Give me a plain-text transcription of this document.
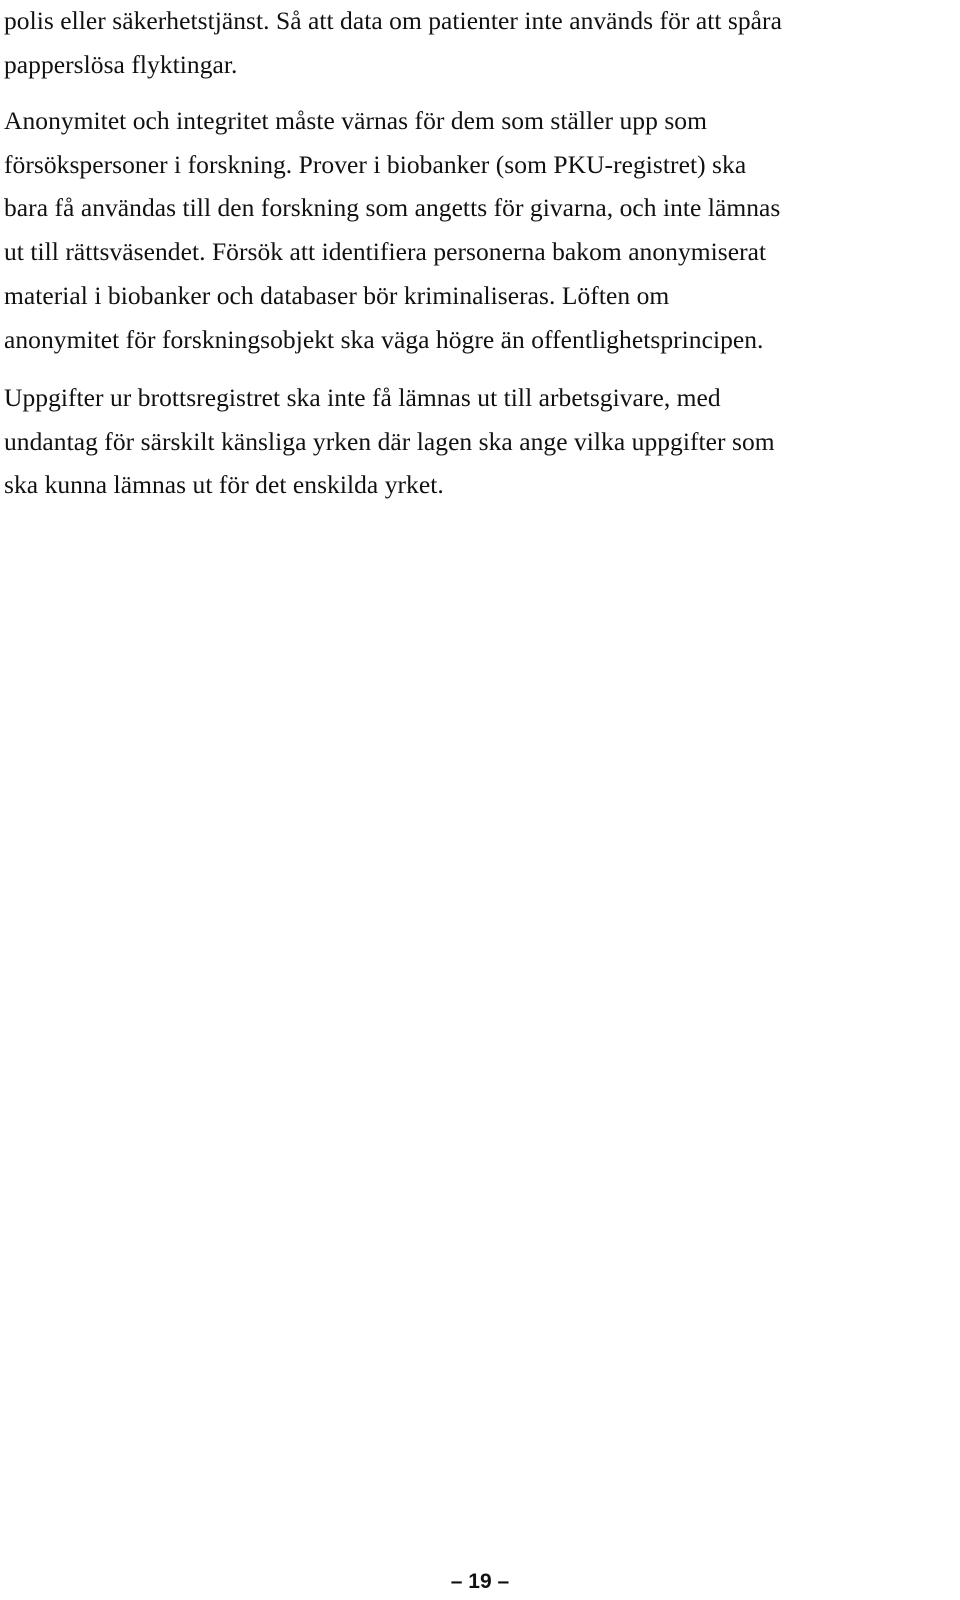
polis eller säkerhetstjänst. Så att data om patienter inte används för att spåra
papperslösa flyktingar.

Anonymitet och integritet måste värnas för dem som ställer upp som
försökspersoner i forskning. Prover i biobanker (som PKU-registret) ska
bara få användas till den forskning som angetts för givarna, och inte lämnas
ut till rättsväsendet. Försök att identifiera personerna bakom anonymiserat
material i biobanker och databaser bör kriminaliseras. Löften om
anonymitet för forskningsobjekt ska väga högre än offentlighetsprincipen.

Uppgifter ur brottsregistret ska inte få lämnas ut till arbetsgivare, med
undantag för särskilt känsliga yrken där lagen ska ange vilka uppgifter som
ska kunna lämnas ut för det enskilda yrket.

– 19 –
